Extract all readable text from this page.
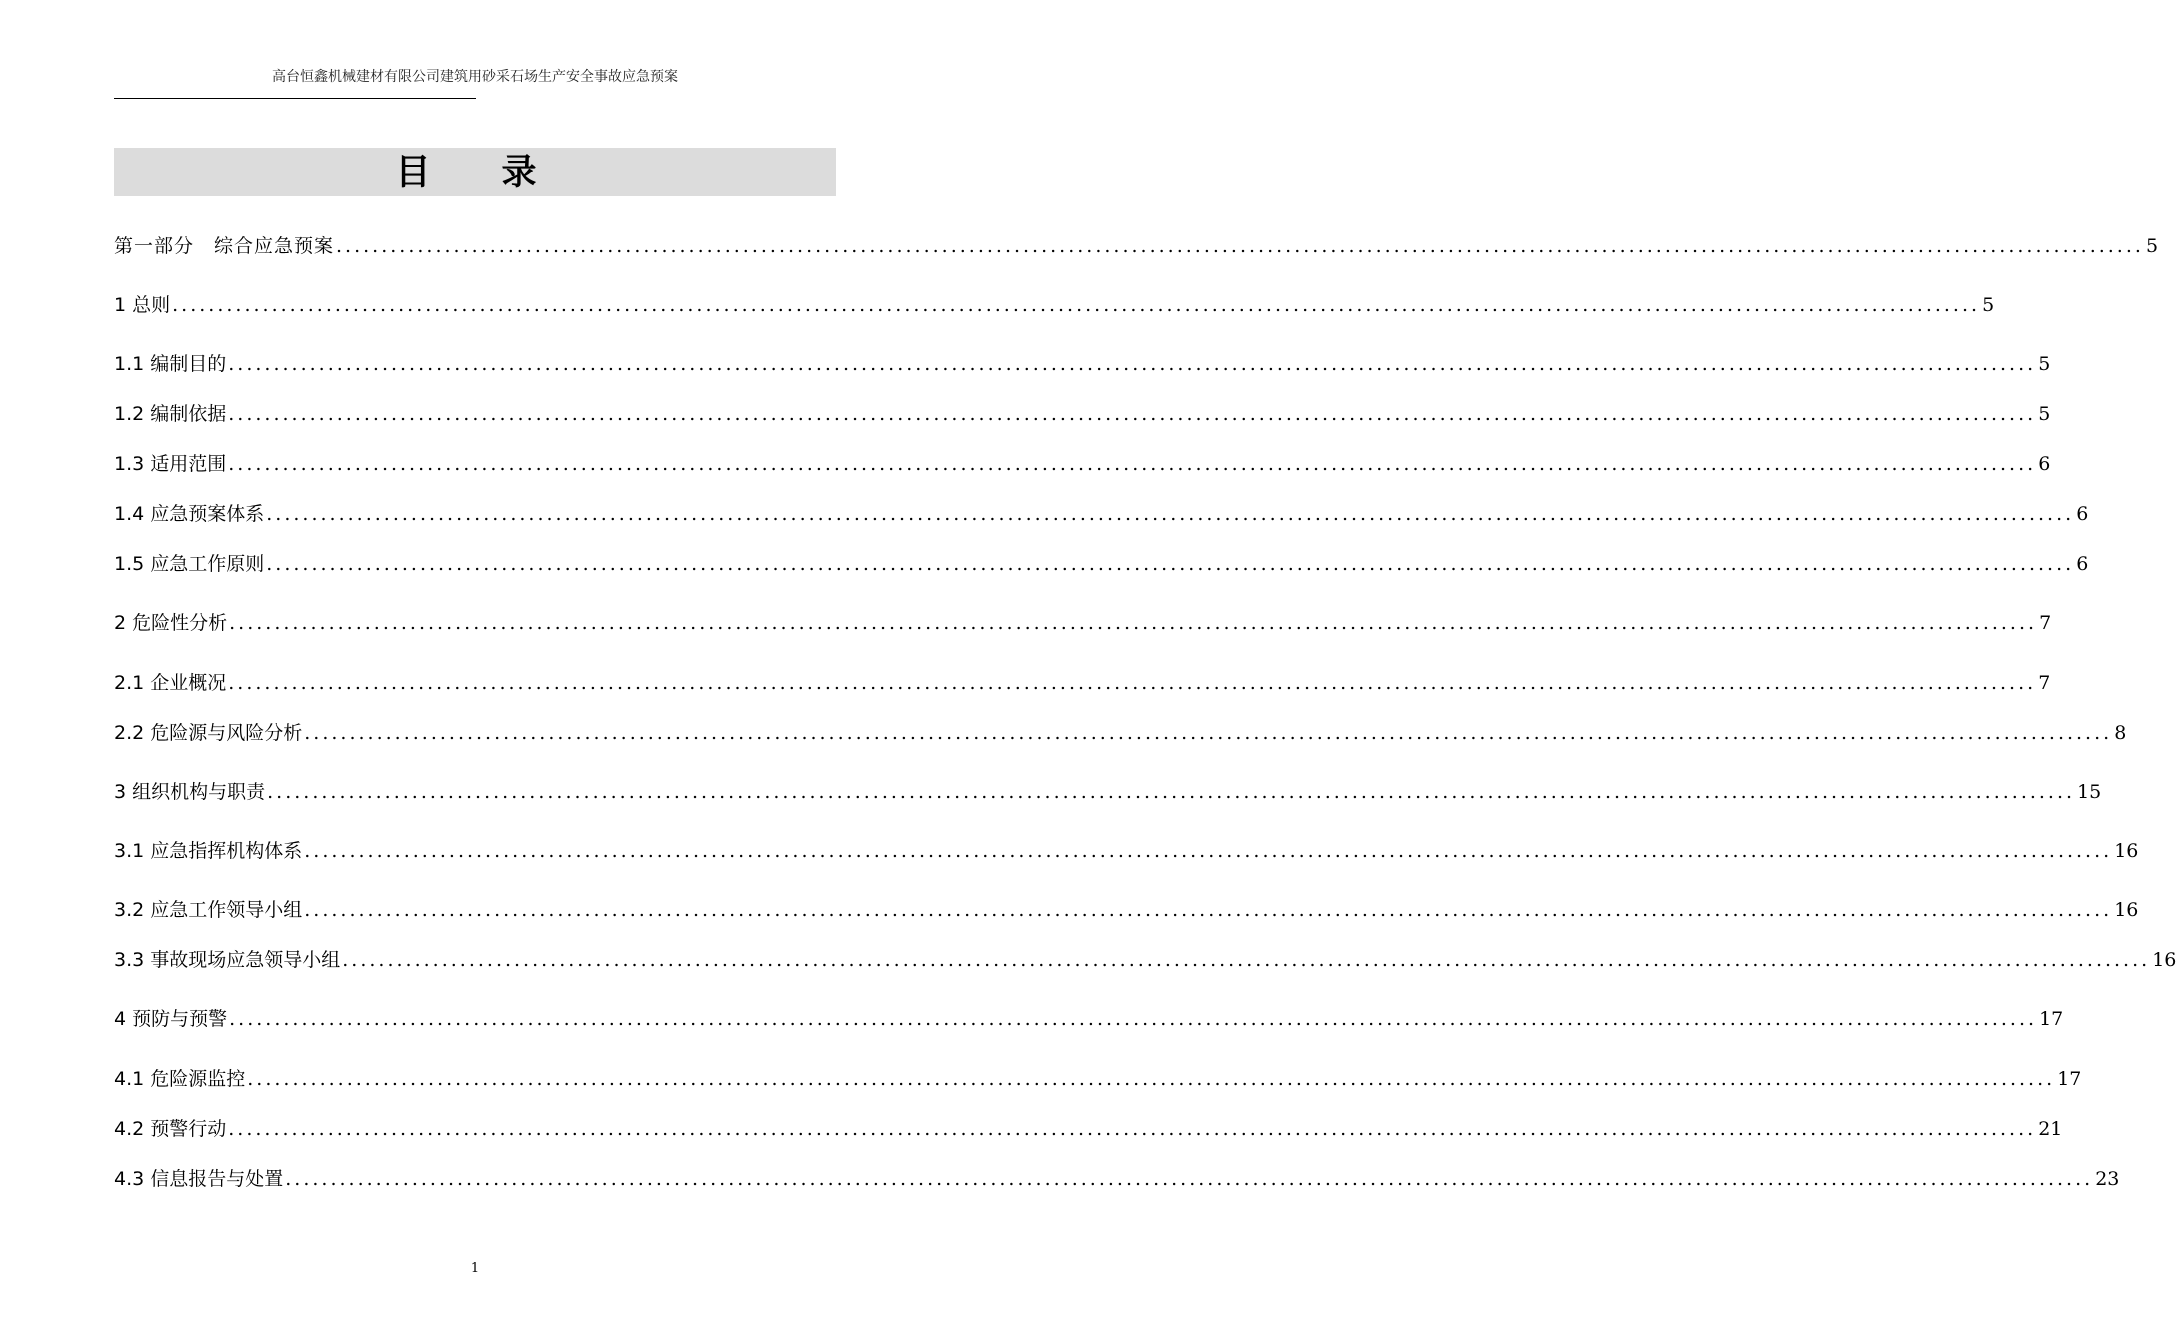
高台恒鑫机械建材有限公司建筑用砂采石场生产安全事故应急预案
目　录
第一部分　综合应急预案 ........................................................................................................................................................................................................ 5
1 总则 ........................................................................................................................................................................................................ 5
1.1 编制目的 ........................................................................................................................................................................................................ 5
1.2 编制依据 ........................................................................................................................................................................................................ 5
1.3 适用范围 ........................................................................................................................................................................................................ 6
1.4 应急预案体系 ........................................................................................................................................................................................................ 6
1.5 应急工作原则 ........................................................................................................................................................................................................ 6
2 危险性分析 ........................................................................................................................................................................................................ 7
2.1 企业概况 ........................................................................................................................................................................................................ 7
2.2 危险源与风险分析 ........................................................................................................................................................................................................ 8
3 组织机构与职责 ........................................................................................................................................................................................................ 15
3.1 应急指挥机构体系 ........................................................................................................................................................................................................ 16
3.2 应急工作领导小组 ........................................................................................................................................................................................................ 16
3.3 事故现场应急领导小组 ........................................................................................................................................................................................................ 16
4 预防与预警 ........................................................................................................................................................................................................ 17
4.1 危险源监控 ........................................................................................................................................................................................................ 17
4.2 预警行动 ........................................................................................................................................................................................................ 21
4.3 信息报告与处置 ........................................................................................................................................................................................................ 23
1
